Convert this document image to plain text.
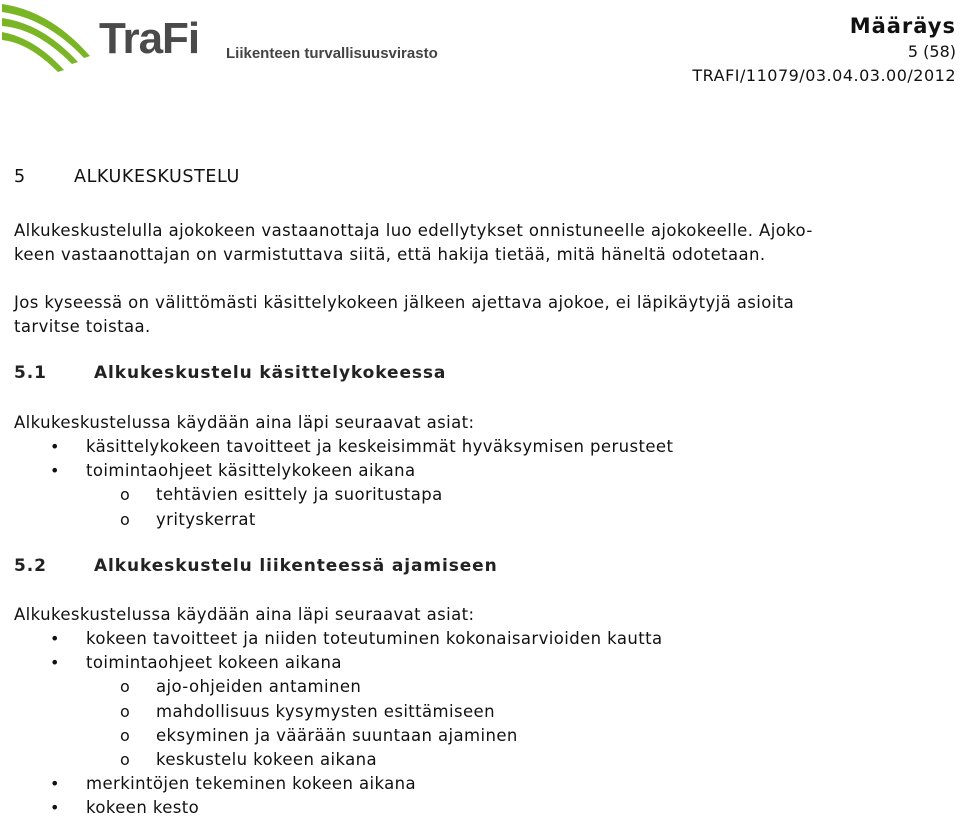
TraFi Liikenteen turvallisuusvirasto
Määräys
5 (58)
TRAFI/11079/03.04.03.00/2012
5	ALKUKESKUSTELU
Alkukeskustelulla ajokokeen vastaanottaja luo edellytykset onnistuneelle ajokokeelle. Ajoko-
keen vastaanottajan on varmistuttava siitä, että hakija tietää, mitä häneltä odotetaan.
Jos kyseessä on välittömästi käsittelykokeen jälkeen ajettava ajokoe, ei läpikäytyjä asioita
tarvitse toistaa.
5.1	Alkukeskustelu käsittelykokeessa
Alkukeskustelussa käydään aina läpi seuraavat asiat:
• käsittelykokeen tavoitteet ja keskeisimmät hyväksymisen perusteet
• toimintaohjeet käsittelykokeen aikana
o tehtävien esittely ja suoritustapa
o yrityskerrat
5.2	Alkukeskustelu liikenteessä ajamiseen
Alkukeskustelussa käydään aina läpi seuraavat asiat:
• kokeen tavoitteet ja niiden toteutuminen kokonaisarvioiden kautta
• toimintaohjeet kokeen aikana
o ajo-ohjeiden antaminen
o mahdollisuus kysymysten esittämiseen
o eksyminen ja väärään suuntaan ajaminen
o keskustelu kokeen aikana
• merkintöjen tekeminen kokeen aikana
• kokeen kesto
